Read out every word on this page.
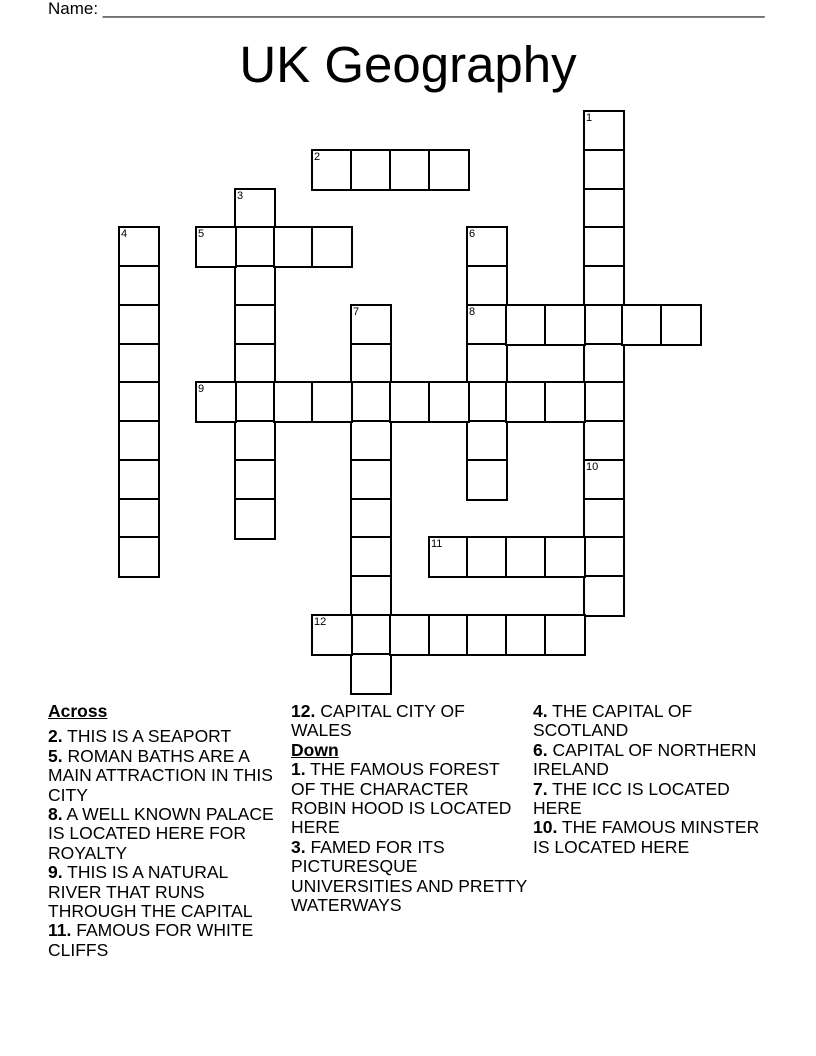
Name: ______________________________________________________________________
UK Geography
1
10
2
3
4	5	6
8
7
9
11
12
Across

2. THIS IS A SEAPORT

5. ROMAN BATHS ARE A MAIN ATTRACTION IN THIS CITY

8. A WELL KNOWN PALACE IS LOCATED HERE FOR ROYALTY

9. THIS IS A NATURAL RIVER THAT RUNS THROUGH THE CAPITAL

11. FAMOUS FOR WHITE CLIFFS

12. CAPITAL CITY OF WALES

Down

1. THE FAMOUS FOREST OF THE CHARACTER ROBIN HOOD IS LOCATED HERE

3. FAMED FOR ITS PICTURESQUE UNIVERSITIES AND PRETTY WATERWAYS

4. THE CAPITAL OF SCOTLAND

6. CAPITAL OF NORTHERN IRELAND

7. THE ICC IS LOCATED HERE

10. THE FAMOUS MINSTER IS LOCATED HERE
